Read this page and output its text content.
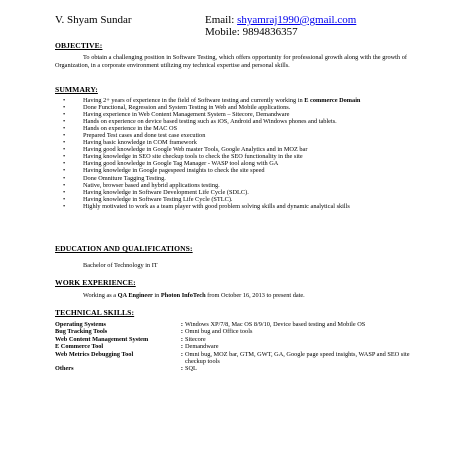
V. Shyam Sundar	Email: shyamraj1990@gmail.com
Mobile: 9894836357
OBJECTIVE:
To obtain a challenging position in Software Testing, which offers opportunity for professional growth along with the growth of Organization, in a corporate environment utilizing my technical expertise and personal skills.
SUMMARY:
•	Having 2+ years of experience in the field of Software testing and currently working in E commerce Domain
•	Done Functional, Regression and System Testing in Web and Mobile applications.
•	Having experience in Web Content Management System – Sitecore, Demandware
•	Hands on experience on device based testing such as iOS, Android and Windows phones and tablets.
•	Hands on experience in the MAC OS
•	Prepared Test cases and done test case execution
•	Having basic knowledge in COM framework
•	Having good knowledge in Google Web master Tools, Google Analytics and in MOZ bar
•	Having knowledge in SEO site checkup tools to check the SEO functionality in the site
•	Having good knowledge in Google Tag Manager - WASP tool along with GA
•	Having knowledge in Google pagespeed insights to check the site speed
•	Done Omniture Tagging Testing.
•	Native, browser based and hybrid applications testing.
•	Having knowledge in Software Development Life Cycle (SDLC).
•	Having knowledge in Software Testing Life Cycle (STLC).
•	Highly motivated to work as a team player with good problem solving skills and dynamic analytical skills
EDUCATION AND QUALIFICATIONS:
Bachelor of Technology in IT
WORK EXPERIENCE:
Working as a QA Engineer in Photon InfoTech from October 16, 2013 to present date.
TECHNICAL SKILLS:
Operating Systems	: Windows XP/7/8, Mac OS 8/9/10, Device based testing and Mobile OS
Bug Tracking Tools	: Omni bug and Office tools
Web Content Management System	: Sitecore
E Commerce Tool	: Demandware
Web Metrics Debugging Tool	: Omni bug, MOZ bar, GTM, GWT, GA, Google page speed insights, WASP and SEO site checkup tools
Others	: SQL
